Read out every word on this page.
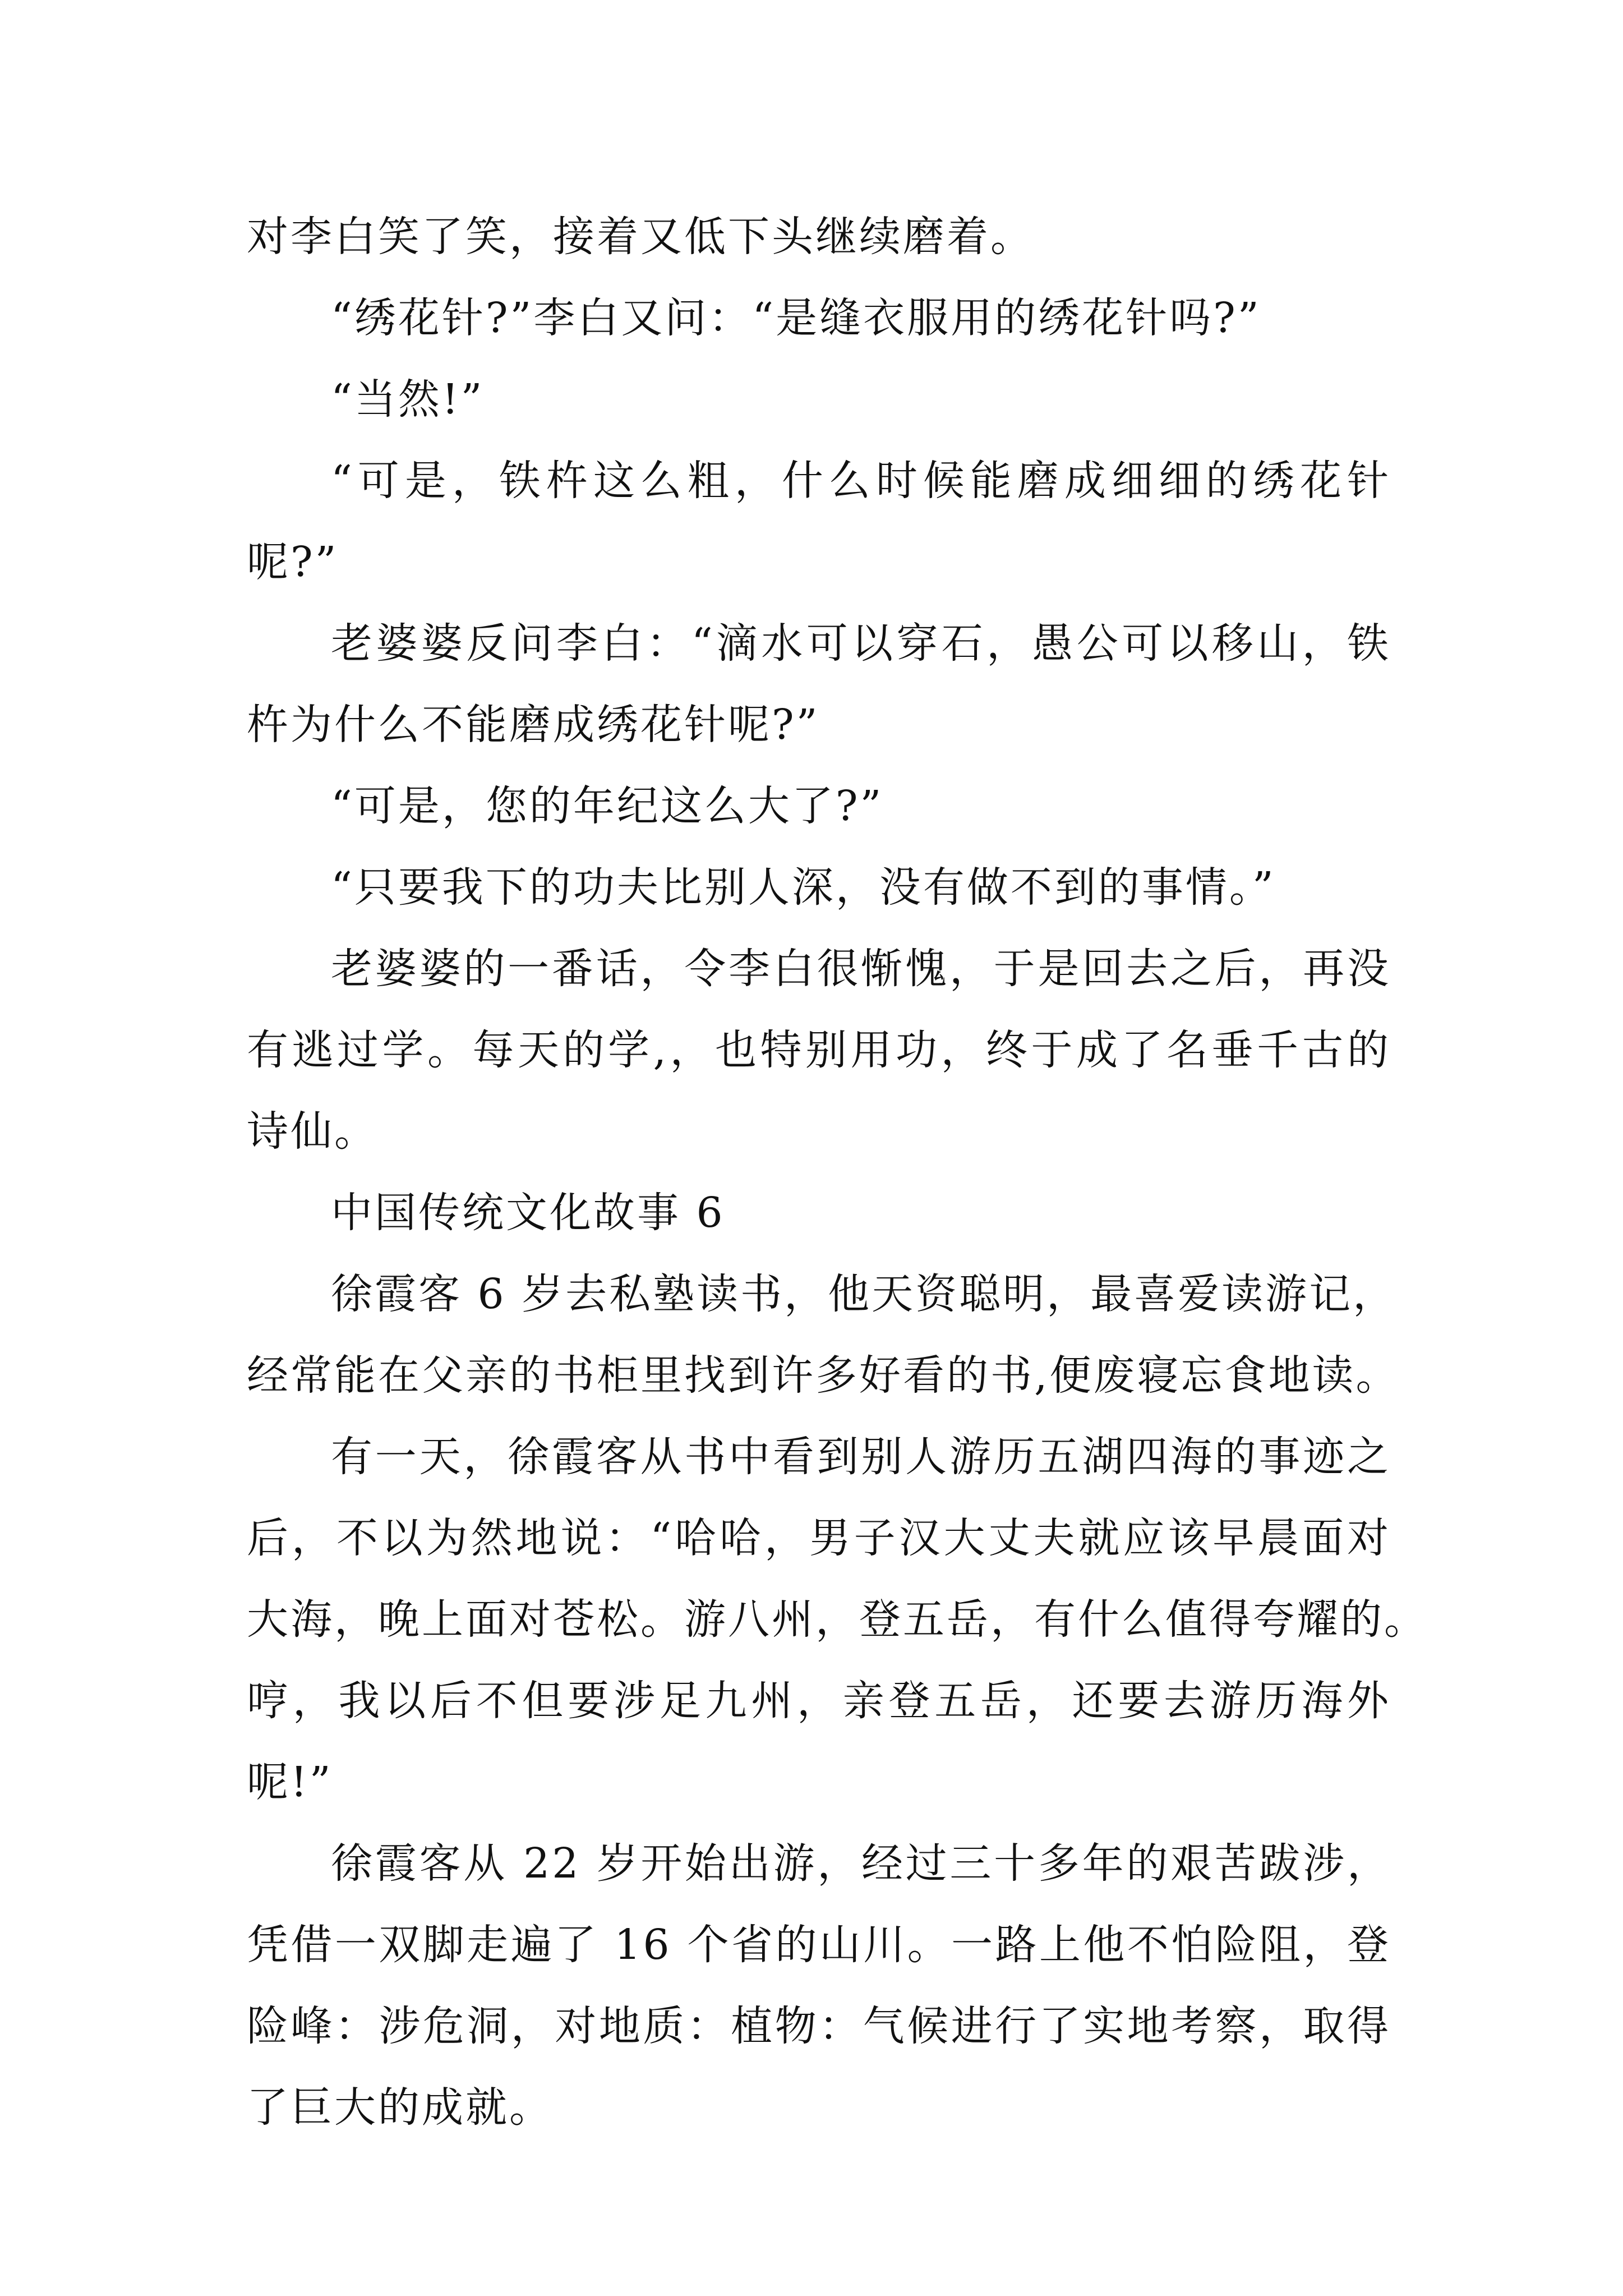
对李白笑了笑，接着又低下头继续磨着。
“绣花针?”李白又问：“是缝衣服用的绣花针吗?”
“当然!”
“可是，铁杵这么粗，什么时候能磨成细细的绣花针
呢?”
老婆婆反问李白：“滴水可以穿石，愚公可以移山，铁
杵为什么不能磨成绣花针呢?”
“可是，您的年纪这么大了?”
“只要我下的功夫比别人深，没有做不到的事情。”
老婆婆的一番话，令李白很惭愧，于是回去之后，再没
有逃过学。每天的学,，也特别用功，终于成了名垂千古的
诗仙。
中国传统文化故事 6
徐霞客 6 岁去私塾读书，他天资聪明，最喜爱读游记，
经常能在父亲的书柜里找到许多好看的书,便废寝忘食地读。
有一天，徐霞客从书中看到别人游历五湖四海的事迹之
后，不以为然地说：“哈哈，男子汉大丈夫就应该早晨面对
大海，晚上面对苍松。游八州，登五岳，有什么值得夸耀的。
哼，我以后不但要涉足九州，亲登五岳，还要去游历海外
呢!”
徐霞客从 22 岁开始出游，经过三十多年的艰苦跋涉，
凭借一双脚走遍了 16 个省的山川。一路上他不怕险阻，登
险峰：涉危洞，对地质：植物：气候进行了实地考察，取得
了巨大的成就。
